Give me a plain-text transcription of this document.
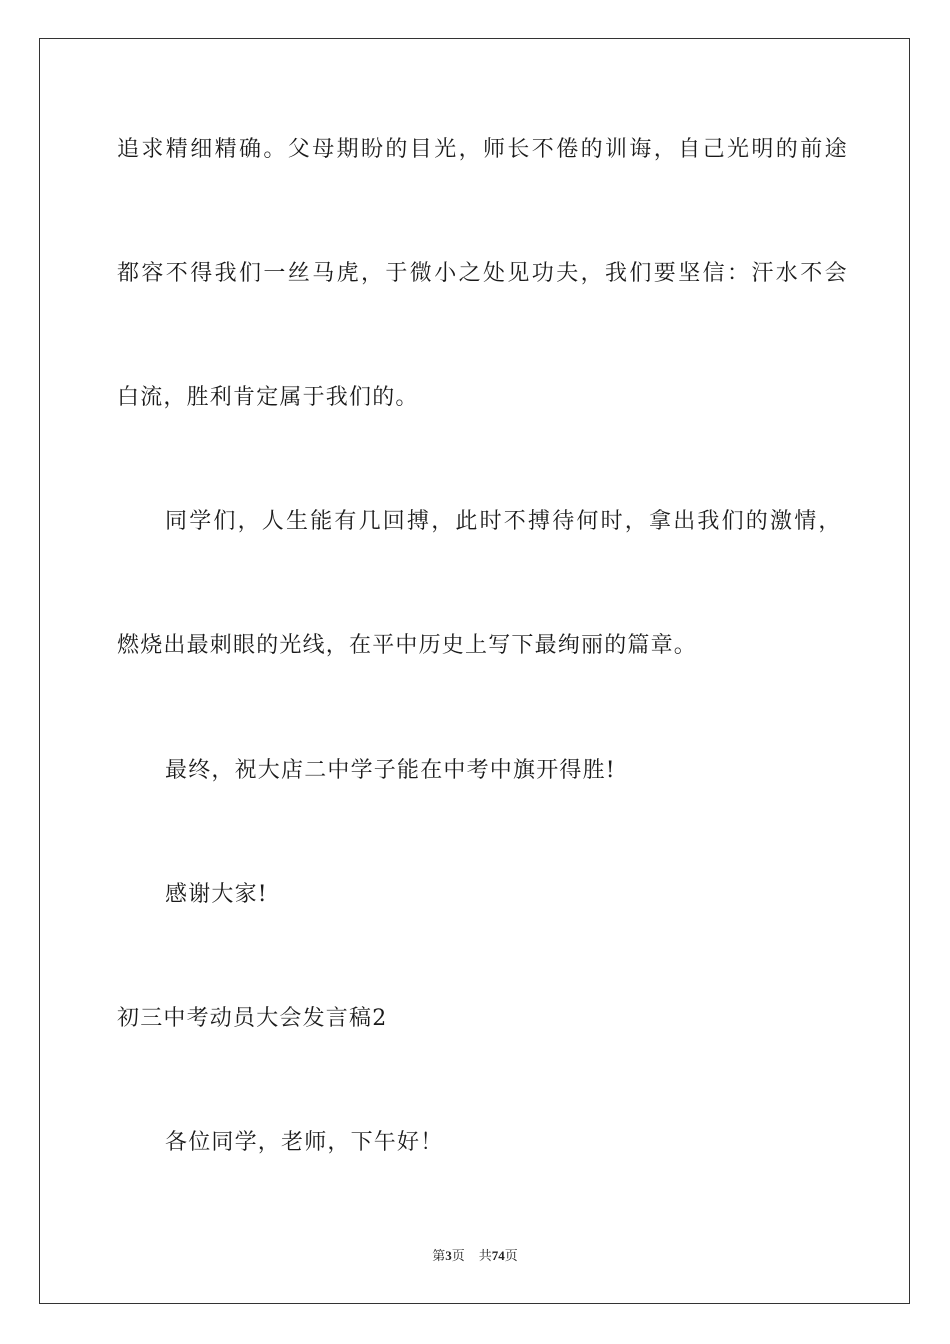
追求精细精确。父母期盼的目光，师长不倦的训诲，自己光明的前途
都容不得我们一丝马虎，于微小之处见功夫，我们要坚信：汗水不会
白流，胜利肯定属于我们的。
同学们，人生能有几回搏，此时不搏待何时，拿出我们的激情，
燃烧出最刺眼的光线，在平中历史上写下最绚丽的篇章。
最终，祝大店二中学子能在中考中旗开得胜!
感谢大家!
初三中考动员大会发言稿2
各位同学，老师，下午好！
第3页 共74页
